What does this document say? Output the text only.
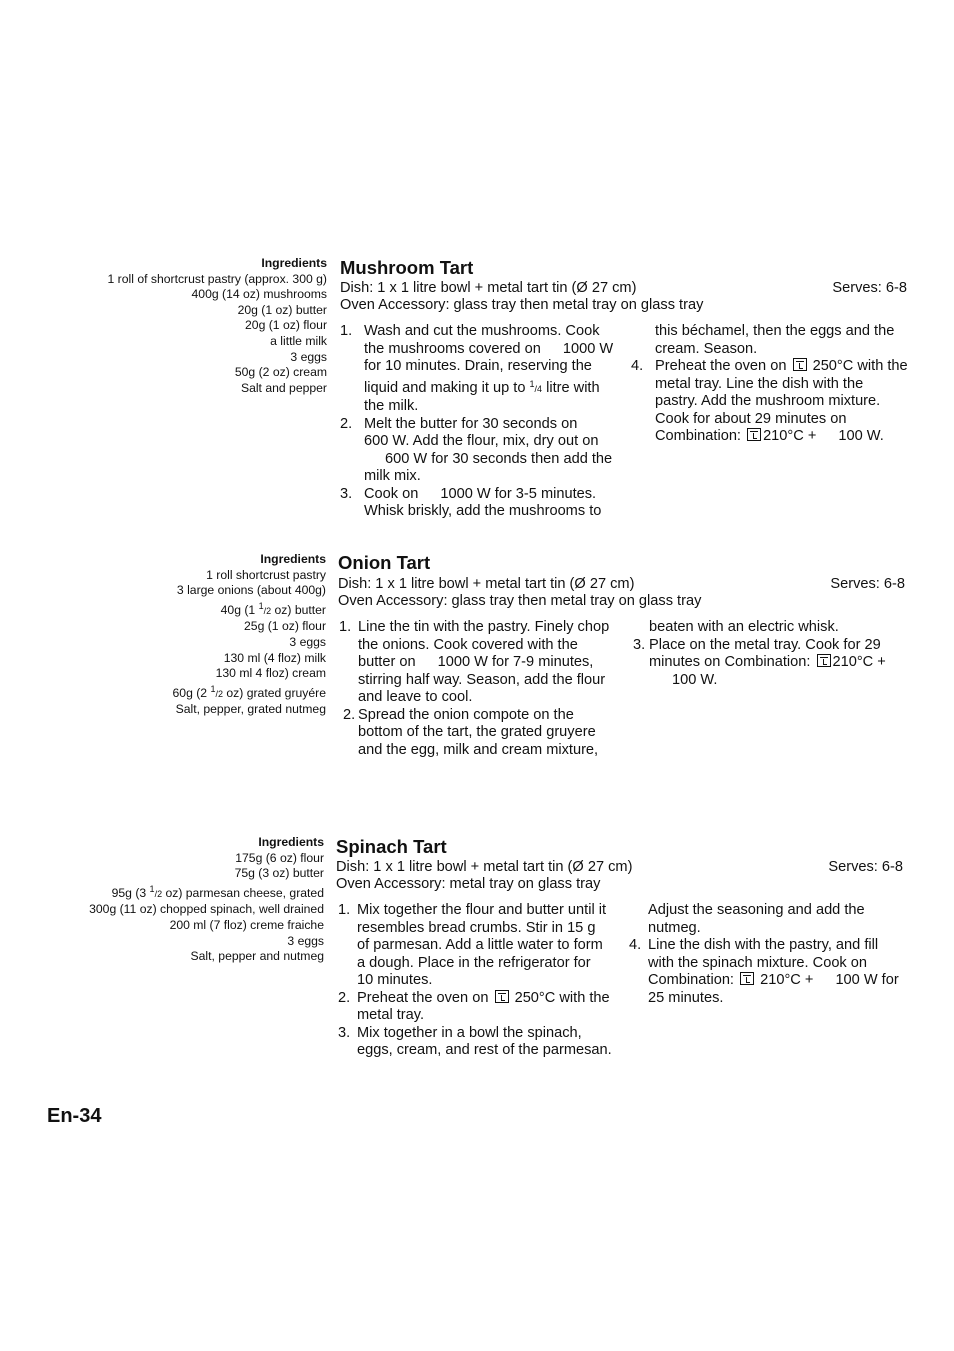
Ingredients
1 roll of shortcrust pastry (approx. 300 g)
400g (14 oz) mushrooms
20g (1 oz) butter
20g (1 oz) flour
a little milk
3 eggs
50g (2 oz) cream
Salt and pepper
Mushroom Tart
Dish: 1 x 1 litre bowl + metal tart tin (Ø 27 cm)	Serves: 6-8
Oven Accessory: glass tray then metal tray on glass tray
1. Wash and cut the mushrooms. Cook
the mushrooms covered on 1000 W
for 10 minutes. Drain, reserving the
liquid and making it up to $^1$/4 litre with
the milk.
2. Melt the butter for 30 seconds on
600 W. Add the flour, mix, dry out on
600 W for 30 seconds then add the
milk mix.
3. Cook on 1000 W for 3-5 minutes.
Whisk briskly, add the mushrooms to
this béchamel, then the eggs and the
cream. Season.
4. Preheat the oven on 250°C with the
metal tray. Line the dish with the
pastry. Add the mushroom mixture.
Cook for about 29 minutes on
Combination: 210°C + 100 W.
Ingredients
1 roll shortcrust pastry
3 large onions (about 400g)
40g (1 $^1$/2 oz) butter
25g (1 oz) flour
3 eggs
130 ml (4 floz) milk
130 ml 4 floz) cream
60g (2 $^1$/2 oz) grated gruyére
Salt, pepper, grated nutmeg
Onion Tart
Dish: 1 x 1 litre bowl + metal tart tin (Ø 27 cm)	Serves: 6-8
Oven Accessory: glass tray then metal tray on glass tray
1. Line the tin with the pastry. Finely chop
the onions. Cook covered with the
butter on 1000 W for 7-9 minutes,
stirring half way. Season, add the flour
and leave to cool.
2. Spread the onion compote on the
bottom of the tart, the grated gruyere
and the egg, milk and cream mixture,
beaten with an electric whisk.
3. Place on the metal tray. Cook for 29
minutes on Combination: 210°C +
100 W.
Ingredients
175g (6 oz) flour
75g (3 oz) butter
95g (3 $^1$/2 oz) parmesan cheese, grated
300g (11 oz) chopped spinach, well drained
200 ml (7 floz) creme fraiche
3 eggs
Salt, pepper and nutmeg
Spinach Tart
Dish: 1 x 1 litre bowl + metal tart tin (Ø 27 cm)	Serves: 6-8
Oven Accessory: metal tray on glass tray
1. Mix together the flour and butter until it
resembles bread crumbs. Stir in 15 g
of parmesan. Add a little water to form
a dough. Place in the refrigerator for
10 minutes.
2. Preheat the oven on 250°C with the
metal tray.
3. Mix together in a bowl the spinach,
eggs, cream, and rest of the parmesan.
Adjust the seasoning and add the
nutmeg.
4. Line the dish with the pastry, and fill
with the spinach mixture. Cook on
Combination: 210°C + 100 W for
25 minutes.
En-34
